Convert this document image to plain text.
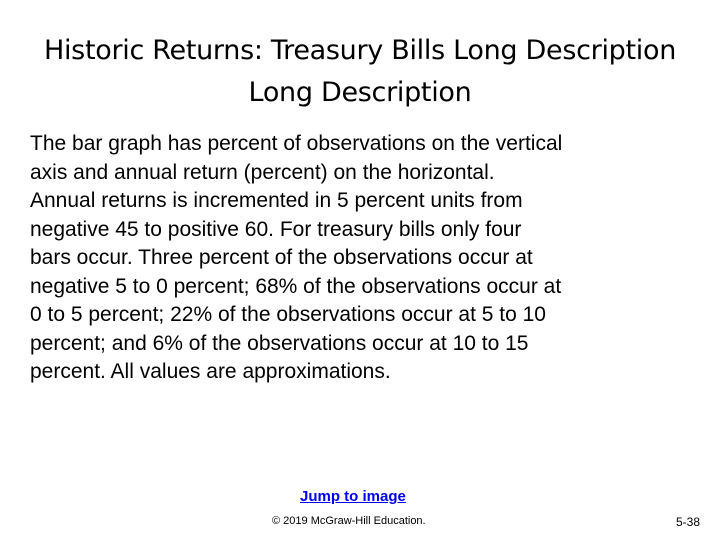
Historic Returns: Treasury Bills Long Description
Long Description
The bar graph has percent of observations on the vertical
axis and annual return (percent) on the horizontal.
Annual returns is incremented in 5 percent units from
negative 45 to positive 60. For treasury bills only four
bars occur. Three percent of the observations occur at
negative 5 to 0 percent; 68% of the observations occur at
0 to 5 percent; 22% of the observations occur at 5 to 10
percent; and 6% of the observations occur at 10 to 15
percent. All values are approximations.
Jump to image
© 2019 McGraw-Hill Education.	5-38
